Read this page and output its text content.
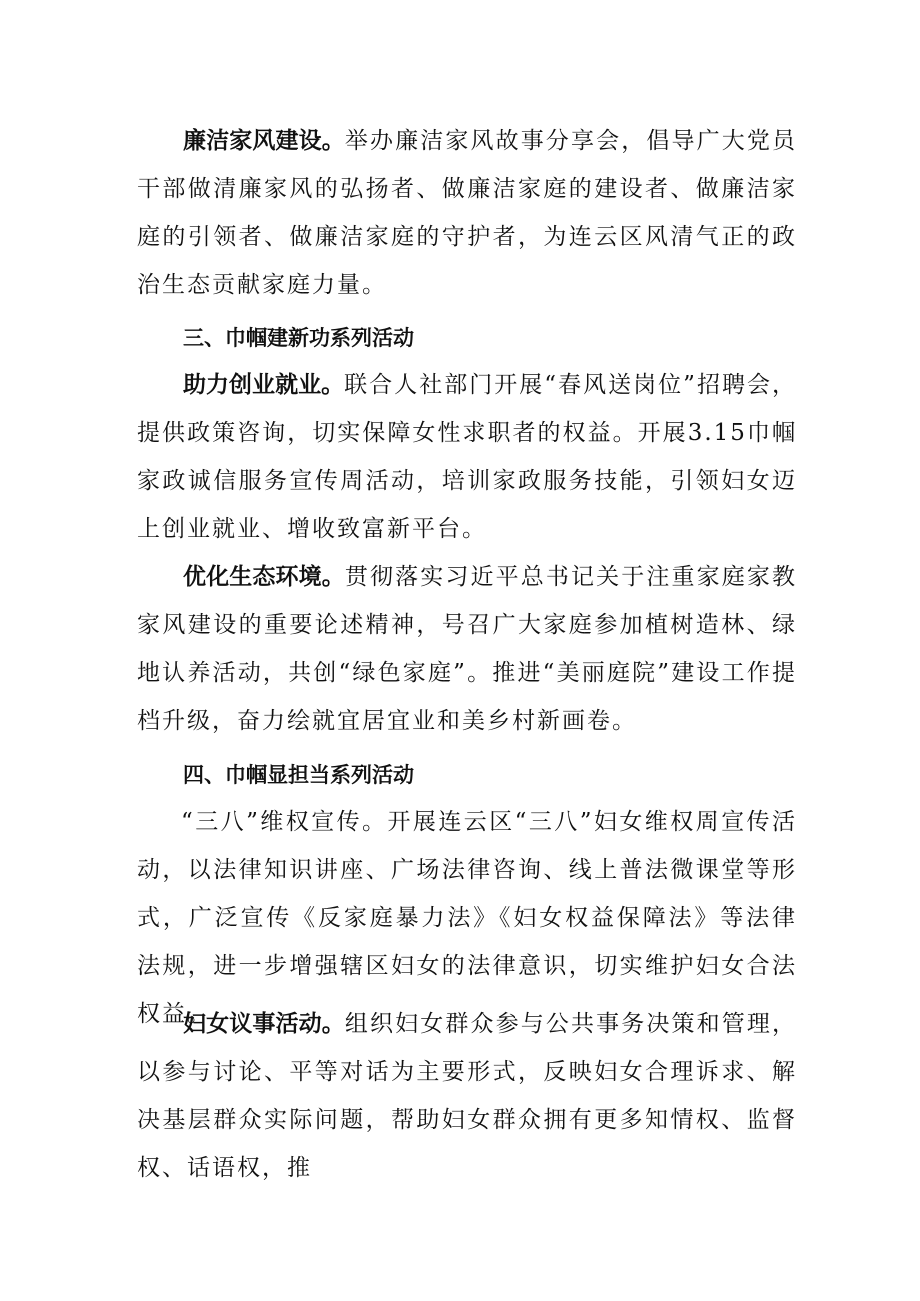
廉洁家风建设。举办廉洁家风故事分享会，倡导广大党员干部做清廉家风的弘扬者、做廉洁家庭的建设者、做廉洁家庭的引领者、做廉洁家庭的守护者，为连云区风清气正的政治生态贡献家庭力量。

三、巾帼建新功系列活动

助力创业就业。联合人社部门开展“春风送岗位”招聘会，提供政策咨询，切实保障女性求职者的权益。开展3.15巾帼家政诚信服务宣传周活动，培训家政服务技能，引领妇女迈上创业就业、增收致富新平台。

优化生态环境。贯彻落实习近平总书记关于注重家庭家教家风建设的重要论述精神，号召广大家庭参加植树造林、绿地认养活动，共创“绿色家庭”。推进“美丽庭院”建设工作提档升级，奋力绘就宜居宜业和美乡村新画卷。

四、巾帼显担当系列活动

“三八”维权宣传。开展连云区“三八”妇女维权周宣传活动，以法律知识讲座、广场法律咨询、线上普法微课堂等形式，广泛宣传《反家庭暴力法》《妇女权益保障法》等法律法规，进一步增强辖区妇女的法律意识，切实维护妇女合法权益。

妇女议事活动。组织妇女群众参与公共事务决策和管理，以参与讨论、平等对话为主要形式，反映妇女合理诉求、解决基层群众实际问题，帮助妇女群众拥有更多知情权、监督权、话语权，推
